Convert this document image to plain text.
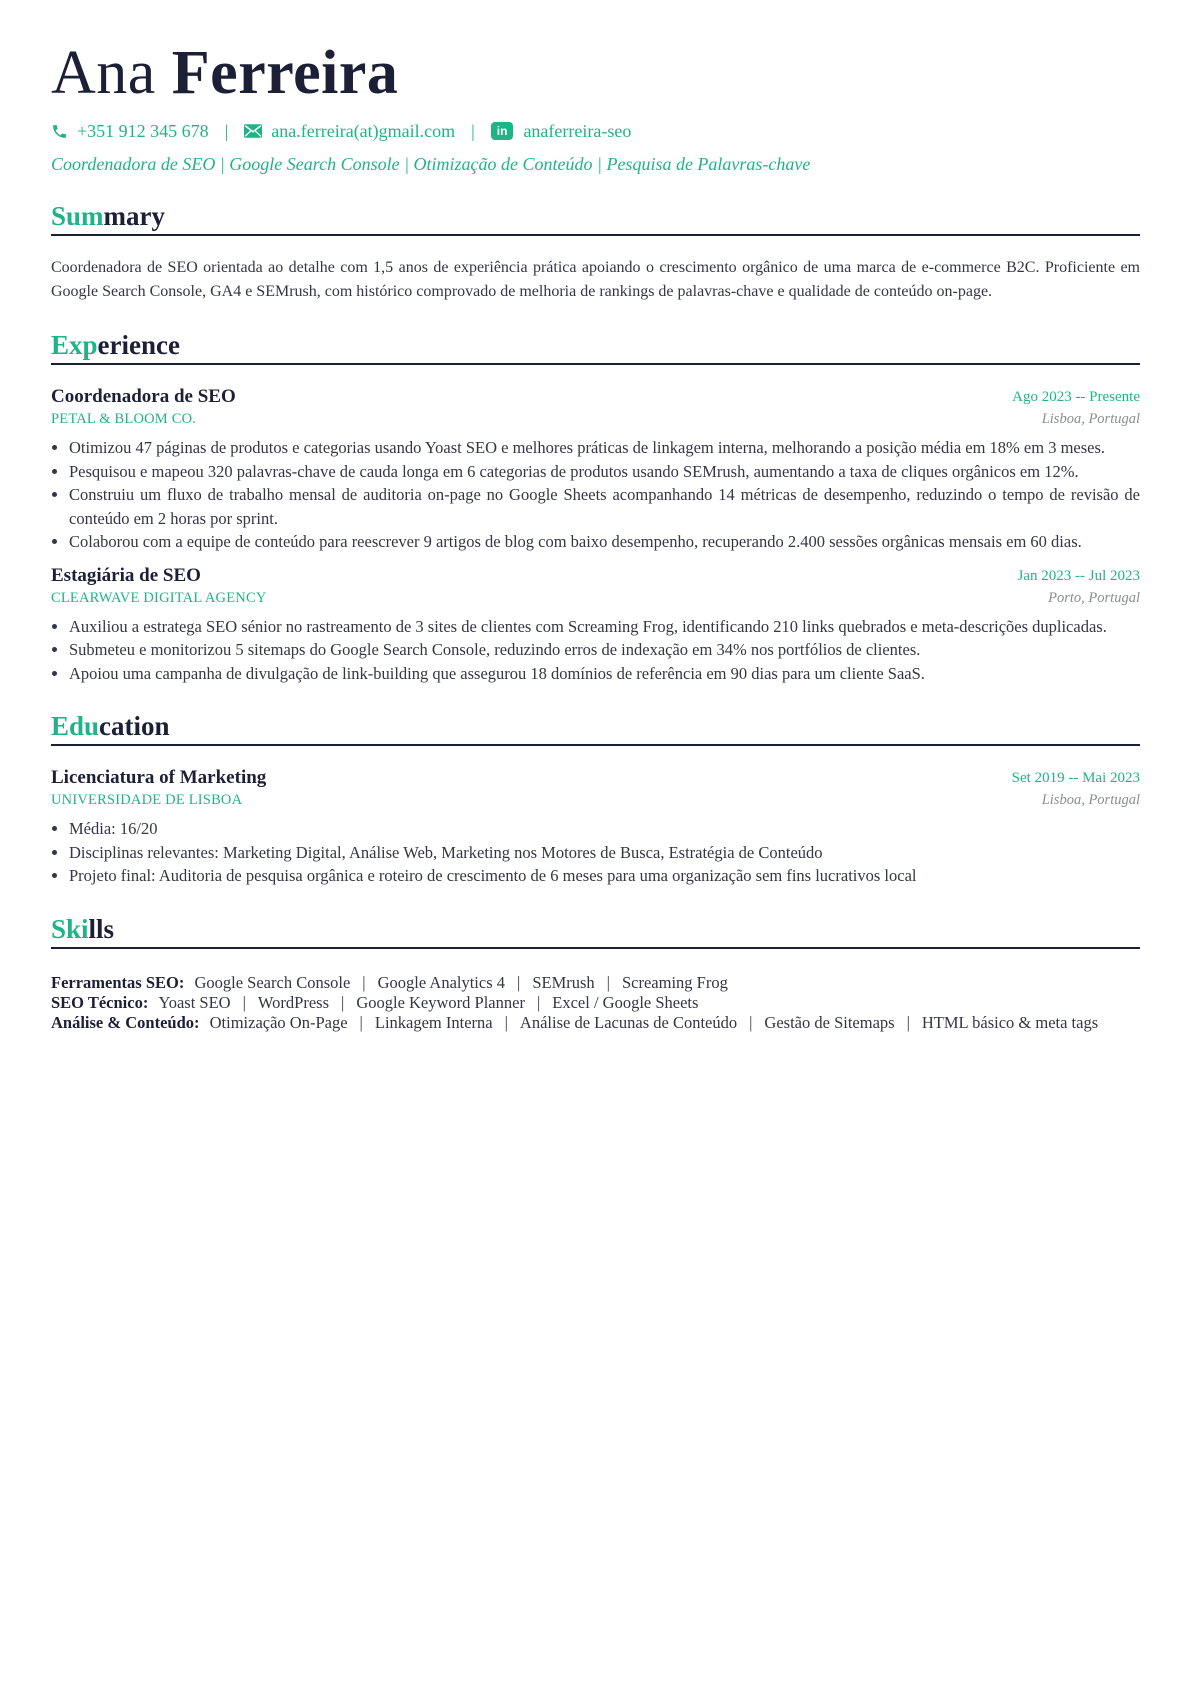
Ana Ferreira
+351 912 345 678 | ana.ferreira(at)gmail.com |	in anaferreira-seo
Coordenadora de SEO | Google Search Console | Otimização de Conteúdo | Pesquisa de Palavras-chave
Summary
Coordenadora de SEO orientada ao detalhe com 1,5 anos de experiência prática apoiando o crescimento orgânico de uma marca de e-commerce B2C. Proficiente em Google Search Console, GA4 e SEMrush, com histórico comprovado de melhoria de rankings de palavras-chave e qualidade de conteúdo on-page.
Experience
Coordenadora de SEO	Ago 2023 -- Presente
PETAL & BLOOM CO.	Lisboa, Portugal
• Otimizou 47 páginas de produtos e categorias usando Yoast SEO e melhores práticas de linkagem interna, melhorando a posição média em 18% em 3 meses.
• Pesquisou e mapeou 320 palavras-chave de cauda longa em 6 categorias de produtos usando SEMrush, aumentando a taxa de cliques orgânicos em 12%.
• Construiu um fluxo de trabalho mensal de auditoria on-page no Google Sheets acompanhando 14 métricas de desempenho, reduzindo o tempo de revisão de conteúdo em 2 horas por sprint.
• Colaborou com a equipe de conteúdo para reescrever 9 artigos de blog com baixo desempenho, recuperando 2.400 sessões orgânicas mensais em 60 dias.
Estagiária de SEO	Jan 2023 -- Jul 2023
CLEARWAVE DIGITAL AGENCY	Porto, Portugal
• Auxiliou a estratega SEO sénior no rastreamento de 3 sites de clientes com Screaming Frog, identificando 210 links quebrados e meta-descrições duplicadas.
• Submeteu e monitorizou 5 sitemaps do Google Search Console, reduzindo erros de indexação em 34% nos portfólios de clientes.
• Apoiou uma campanha de divulgação de link-building que assegurou 18 domínios de referência em 90 dias para um cliente SaaS.
Education
Licenciatura of Marketing	Set 2019 -- Mai 2023
UNIVERSIDADE DE LISBOA	Lisboa, Portugal
• Média: 16/20
• Disciplinas relevantes: Marketing Digital, Análise Web, Marketing nos Motores de Busca, Estratégia de Conteúdo
• Projeto final: Auditoria de pesquisa orgânica e roteiro de crescimento de 6 meses para uma organização sem fins lucrativos local
Skills
Ferramentas SEO: Google Search Console | Google Analytics 4 | SEMrush | Screaming Frog
SEO Técnico: Yoast SEO | WordPress | Google Keyword Planner | Excel / Google Sheets
Análise & Conteúdo: Otimização On-Page | Linkagem Interna | Análise de Lacunas de Conteúdo | Gestão de Sitemaps | HTML básico & meta tags
